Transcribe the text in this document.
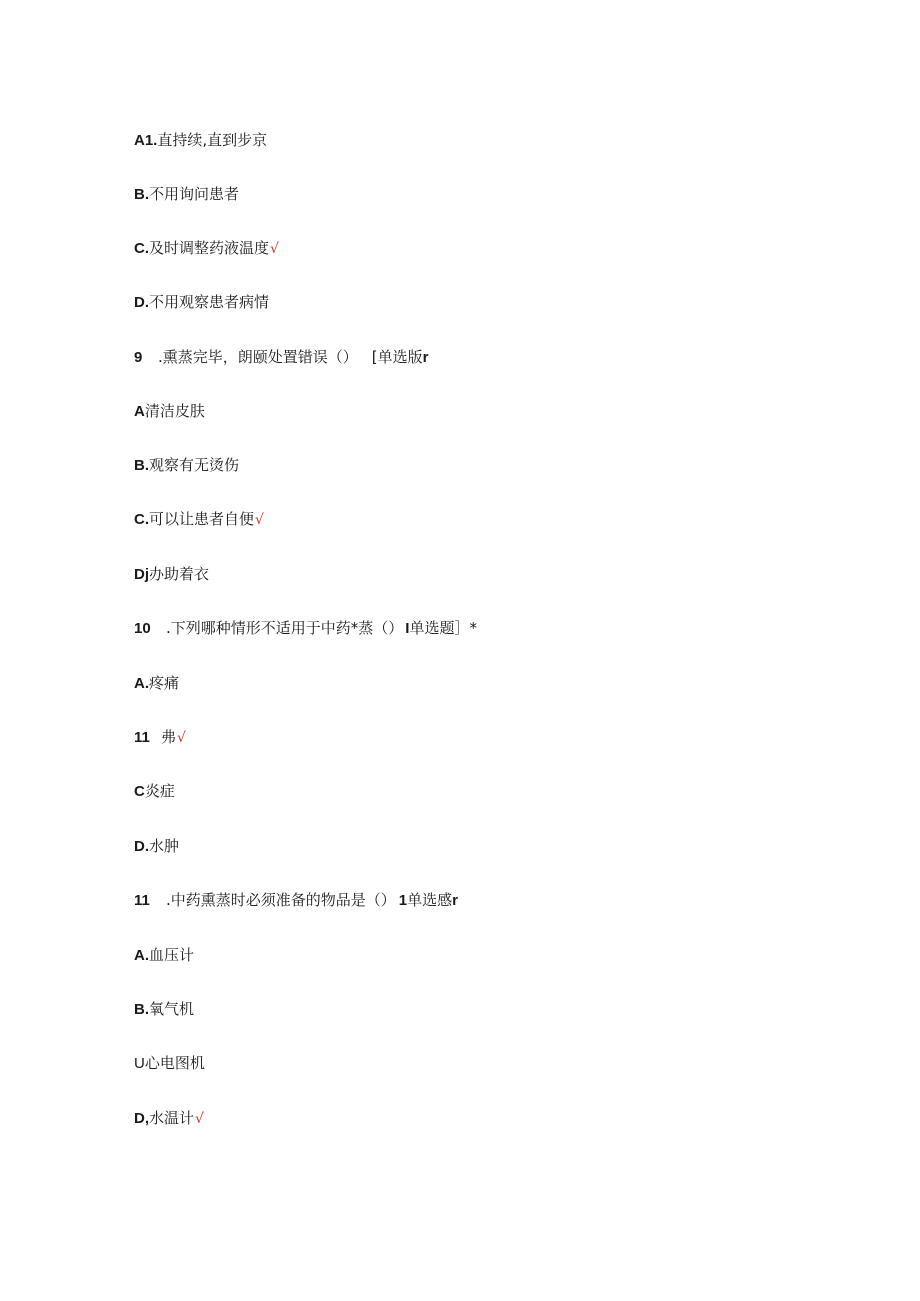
A1.直持续,直到步京
B.不用询问患者
C.及时调整药液温度√
D.不用观察患者病情
9 .熏蒸完毕，朗颐处置错误（） [单选版r
A清洁皮肤
B.观察有无烫伤
C.可以让患者自便√
Dj办助着衣
10 .下列哪种情形不适用于中药*蒸（） I单选题］*
A.疼痛
11 弗√
C炎症
D.水肿
11 .中药熏蒸时必须准备的物品是（） 1单选感r
A.血压计
B.氧气机
U心电图机
D,水温计√
